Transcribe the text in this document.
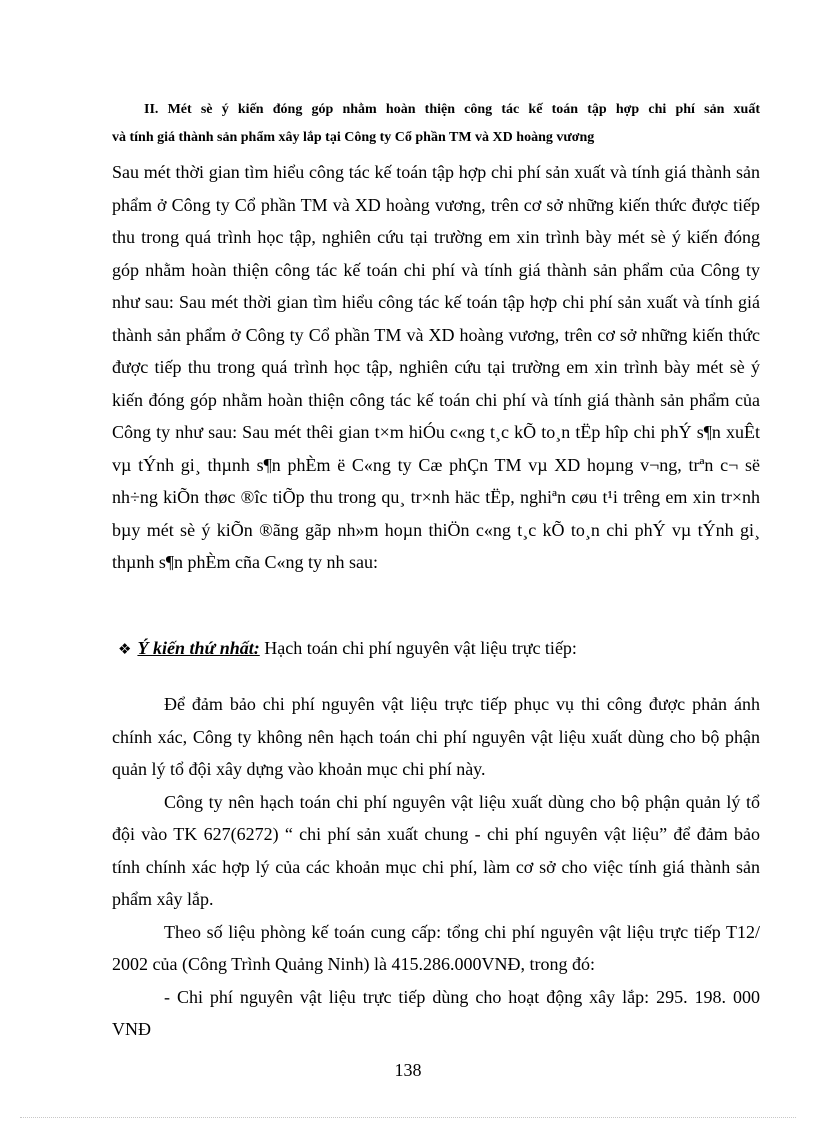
II. Mét sè ý kiến đóng góp nhằm hoàn thiện công tác kế toán tập hợp chi phí sản xuất

và tính giá thành sản phẩm xây lắp tại Công ty Cổ phần TM và XD hoàng vương

Sau mét thời gian tìm hiểu công tác kế toán tập hợp chi phí sản xuất và tính giá thành sản phẩm ở Công ty Cổ phần TM và XD hoàng vương, trên cơ sở những kiến thức được tiếp thu trong quá trình học tập, nghiên cứu tại trường em xin trình bày mét sè ý kiến đóng góp nhằm hoàn thiện công tác kế toán chi phí và tính giá thành sản phẩm của Công ty như sau: Sau mét thời gian tìm hiểu công tác kế toán tập hợp chi phí sản xuất và tính giá thành sản phẩm ở Công ty Cổ phần TM và XD hoàng vương, trên cơ sở những kiến thức được tiếp thu trong quá trình học tập, nghiên cứu tại trường em xin trình bày mét sè ý kiến đóng góp nhằm hoàn thiện công tác kế toán chi phí và tính giá thành sản phẩm của Công ty như sau: Sau mét thêi gian t×m hiÓu c«ng t¸c kÕ to¸n tËp hîp chi phÝ s¶n xuÊt vµ tÝnh gi¸ thµnh s¶n phÈm ë C«ng ty Cæ phÇn TM vµ XD hoµng v¬ng, trªn c¬ së nh÷ng kiÕn thøc ®îc tiÕp thu trong qu¸ tr×nh häc tËp, nghiªn cøu t¹i trêng em xin tr×nh bµy mét sè ý kiÕn ®ãng gãp nh»m hoµn thiÖn c«ng t¸c kÕ to¸n chi phÝ vµ tÝnh gi¸ thµnh s¶n phÈm cña C«ng ty nh sau:

❖ Ý kiến thứ nhất: Hạch toán chi phí nguyên vật liệu trực tiếp:

Để đảm bảo chi phí nguyên vật liệu trực tiếp phục vụ thi công được phản ánh chính xác, Công ty không nên hạch toán chi phí nguyên vật liệu xuất dùng cho bộ phận quản lý tổ đội xây dựng vào khoản mục chi phí này.

Công ty nên hạch toán chi phí nguyên vật liệu xuất dùng cho bộ phận quản lý tổ đội vào TK 627(6272) “ chi phí sản xuất chung - chi phí nguyên vật liệu” để đảm bảo tính chính xác hợp lý của các khoản mục chi phí, làm cơ sở cho việc tính giá thành sản phẩm xây lắp.

Theo số liệu phòng kế toán cung cấp: tổng chi phí nguyên vật liệu trực tiếp T12/ 2002 của (Công Trình Quảng Ninh) là 415.286.000VNĐ, trong đó:

- Chi phí nguyên vật liệu trực tiếp dùng cho hoạt động xây lắp: 295. 198. 000 VNĐ

138
